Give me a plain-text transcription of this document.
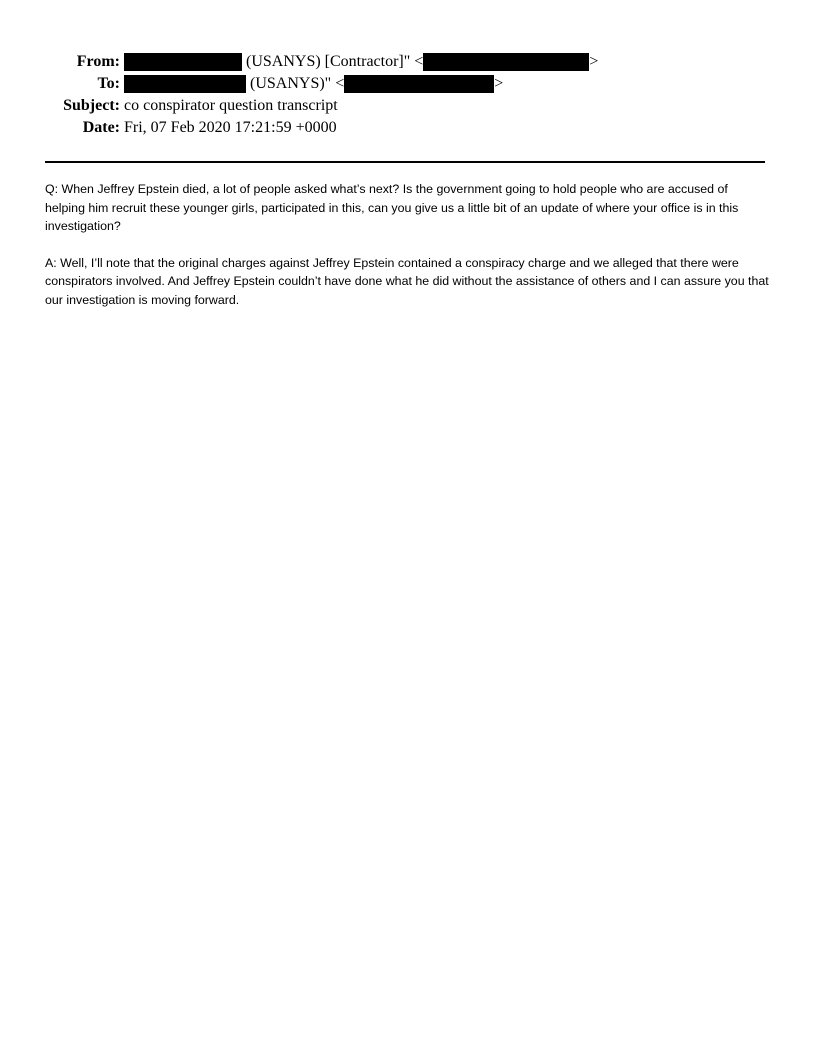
From:	(USANYS) [Contractor]" <	>
To:	(USANYS)" <	>
Subject: co conspirator question transcript
Date: Fri, 07 Feb 2020 17:21:59 +0000

Q: When Jeffrey Epstein died, a lot of people asked what’s next? Is the government going to hold people who are accused of helping him recruit these younger girls, participated in this, can you give us a little bit of an update of where your office is in this investigation?

A: Well, I’ll note that the original charges against Jeffrey Epstein contained a conspiracy charge and we alleged that there were conspirators involved. And Jeffrey Epstein couldn’t have done what he did without the assistance of others and I can assure you that our investigation is moving forward.
